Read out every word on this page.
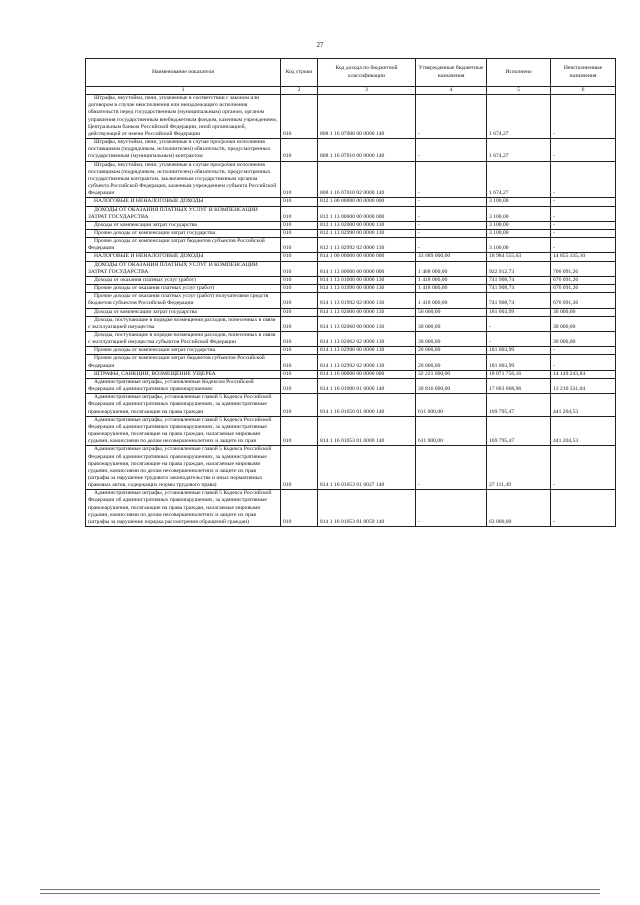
27
Наименование показателя	Код строки	Код дохода по бюджетной классификации	Утвержденные бюджетные назначения	Исполнено	Неисполненные назначения
1	2	3	4	5	6
Штрафы, неустойки, пени, уплаченные в соответствии с законом или договором в случае неисполнения или ненадлежащего исполнения обязательств перед государственным (муниципальным) органом, органом управления государственным внебюджетным фондом, казенным учреждением, Центральным банком Российской Федерации, иной организацией, действующей от имени Российской Федерации	010	808 1 16 07000 00 0000 140	-	1 674,27	-
Штрафы, неустойки, пени, уплаченные в случае просрочки исполнения поставщиком (подрядчиком, исполнителем) обязательств, предусмотренных государственным (муниципальным) контрактом	010	808 1 16 07010 00 0000 140	-	1 674,27	-
Штрафы, неустойки, пени, уплаченные в случае просрочки исполнения поставщиком (подрядчиком, исполнителем) обязательств, предусмотренных государственным контрактом, заключенным государственным органом субъекта Российской Федерации, казенным учреждением субъекта Российской Федерации	010	808 1 16 07010 02 0000 140	-	1 674,27	-
НАЛОГОВЫЕ И НЕНАЛОГОВЫЕ ДОХОДЫ	010	812 1 00 00000 00 0000 000	-	3 100,00	-
ДОХОДЫ ОТ ОКАЗАНИЯ ПЛАТНЫХ УСЛУГ И КОМПЕНСАЦИИ ЗАТРАТ ГОСУДАРСТВА	010	812 1 13 00000 00 0000 000	-	3 100,00	-
Доходы от компенсации затрат государства	010	812 1 13 02000 00 0000 130	-	3 100,00	-
Прочие доходы от компенсации затрат государства	010	812 1 13 02990 00 0000 130	-	3 100,00	-
Прочие доходы от компенсации затрат бюджетов субъектов Российской Федерации	010	812 1 13 02992 02 0000 130	-	3 100,00	-
НАЛОГОВЫЕ И НЕНАЛОГОВЫЕ ДОХОДЫ	010	814 1 00 00000 00 0000 000	33 689 000,00	18 984 555,03	14 855 335,10
ДОХОДЫ ОТ ОКАЗАНИЯ ПЛАТНЫХ УСЛУГ И КОМПЕНСАЦИИ ЗАТРАТ ГОСУДАРСТВА	010	814 1 13 00000 00 0000 000	1 468 000,00	922 912,73	706 091,26
Доходы от оказания платных услуг (работ)	010	814 1 13 01000 00 0000 130	1 418 000,00	741 908,74	676 091,26
Прочие доходы от оказания платных услуг (работ)	010	814 1 13 01990 00 0000 130	1 418 000,00	741 908,74	676 091,26
Прочие доходы от оказания платных услуг (работ) получателями средств бюджетов субъектов Российской Федерации	010	814 1 13 01992 02 0000 130	1 418 000,00	741 908,74	676 091,26
Доходы от компенсации затрат государства	010	814 1 13 02000 00 0000 130	50 000,00	181 003,99	30 000,00
Доходы, поступающие в порядке возмещения расходов, понесенных в связи с эксплуатацией имущества	010	814 1 13 02060 00 0000 130	30 000,00	-	30 000,00
Доходы, поступающие в порядке возмещения расходов, понесенных в связи с эксплуатацией имущества субъектов Российской Федерации	010	814 1 13 02062 02 0000 130	30 000,00	-	30 000,00
Прочие доходы от компенсации затрат государства	010	814 1 13 02990 00 0000 130	20 000,00	181 003,99	-
Прочие доходы от компенсации затрат бюджетов субъектов Российской Федерации	010	814 1 13 02992 02 0000 130	20 000,00	181 003,99	-
ШТРАФЫ, САНКЦИИ, ВОЗМЕЩЕНИЕ УЩЕРБА	010	814 1 16 00000 00 0000 000	32 221 000,00	18 071 756,16	14 149 243,84
Административные штрафы, установленные Кодексом Российской Федерации об административных правонарушениях	010	814 1 16 01000 01 0000 140	30 816 000,00	17 603 668,96	13 210 331,04
Административные штрафы, установленные главой 5 Кодекса Российской Федерации об административных правонарушениях, за административные правонарушения, посягающие на права граждан	010	814 1 16 01050 01 0000 140	611 000,00	169 795,47	441 204,53
Административные штрафы, установленные главой 5 Кодекса Российской Федерации об административных правонарушениях, за административные правонарушения, посягающие на права граждан, налагаемые мировыми судьями, комиссиями по делам несовершеннолетних и защите их прав	010	814 1 16 01053 01 0000 140	611 000,00	169 795,47	441 204,53
Административные штрафы, установленные главой 5 Кодекса Российской Федерации об административных правонарушениях, за административные правонарушения, посягающие на права граждан, налагаемые мировыми судьями, комиссиями по делам несовершеннолетних и защите их прав (штрафы за нарушение трудового законодательства и иных нормативных правовых актов, содержащих нормы трудового права)	010	814 1 16 01053 01 0027 140	-	27 111,49	-
Административные штрафы, установленные главой 5 Кодекса Российской Федерации об административных правонарушениях, за административные правонарушения, посягающие на права граждан, налагаемые мировыми судьями, комиссиями по делам несовершеннолетних и защите их прав (штрафы за нарушение порядка рассмотрения обращений граждан)	010	814 1 16 01053 01 0059 140	-	63 000,00	-
